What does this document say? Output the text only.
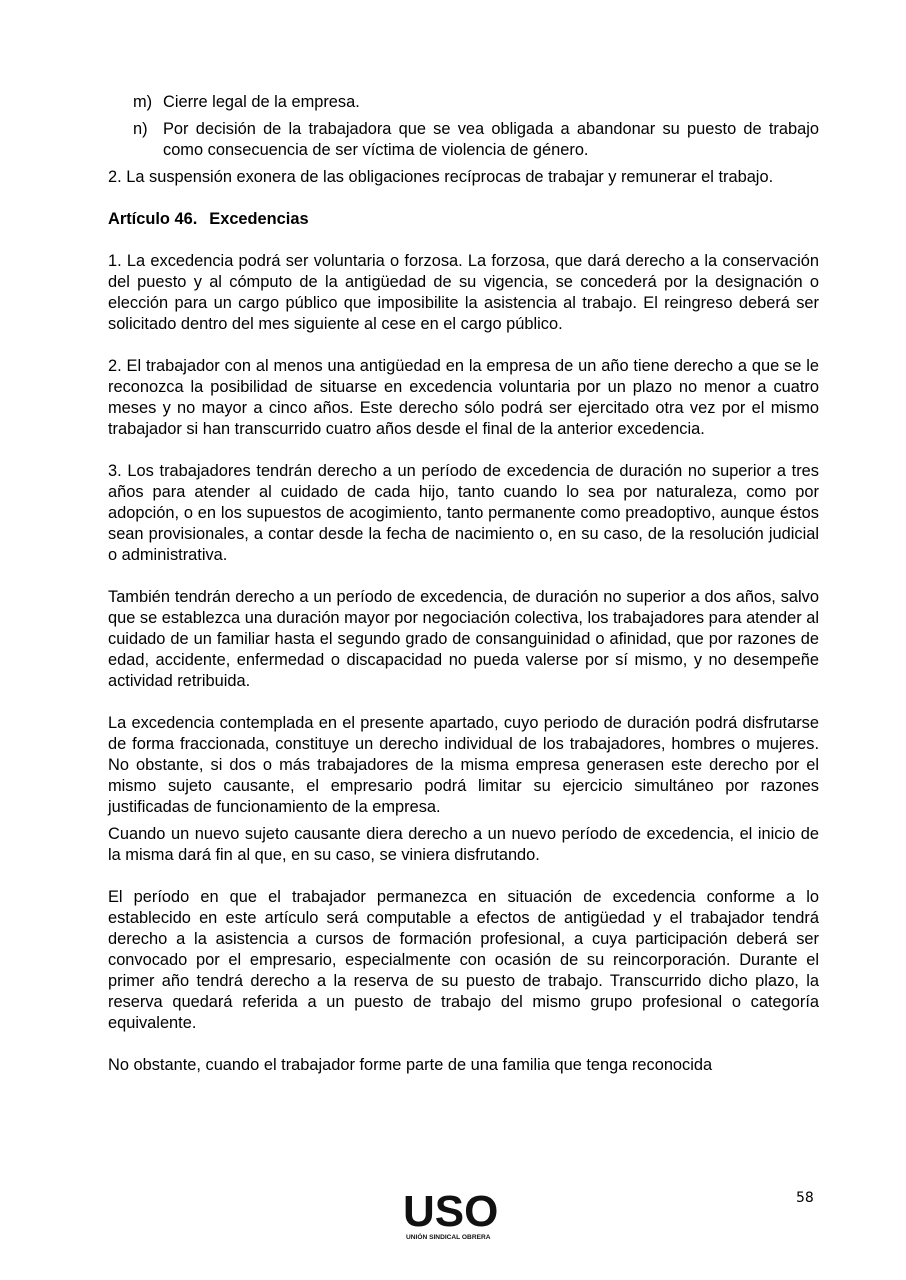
m) Cierre legal de la empresa.
n) Por decisión de la trabajadora que se vea obligada a abandonar su puesto de trabajo como consecuencia de ser víctima de violencia de género.

2. La suspensión exonera de las obligaciones recíprocas de trabajar y remunerar el trabajo.

Artículo 46. Excedencias

1. La excedencia podrá ser voluntaria o forzosa. La forzosa, que dará derecho a la conservación del puesto y al cómputo de la antigüedad de su vigencia, se concederá por la designación o elección para un cargo público que imposibilite la asistencia al trabajo. El reingreso deberá ser solicitado dentro del mes siguiente al cese en el cargo público.

2. El trabajador con al menos una antigüedad en la empresa de un año tiene derecho a que se le reconozca la posibilidad de situarse en excedencia voluntaria por un plazo no menor a cuatro meses y no mayor a cinco años. Este derecho sólo podrá ser ejercitado otra vez por el mismo trabajador si han transcurrido cuatro años desde el final de la anterior excedencia.

3. Los trabajadores tendrán derecho a un período de excedencia de duración no superior a tres años para atender al cuidado de cada hijo, tanto cuando lo sea por naturaleza, como por adopción, o en los supuestos de acogimiento, tanto permanente como preadoptivo, aunque éstos sean provisionales, a contar desde la fecha de nacimiento o, en su caso, de la resolución judicial o administrativa.

También tendrán derecho a un período de excedencia, de duración no superior a dos años, salvo que se establezca una duración mayor por negociación colectiva, los trabajadores para atender al cuidado de un familiar hasta el segundo grado de consanguinidad o afinidad, que por razones de edad, accidente, enfermedad o discapacidad no pueda valerse por sí mismo, y no desempeñe actividad retribuida.

La excedencia contemplada en el presente apartado, cuyo periodo de duración podrá disfrutarse de forma fraccionada, constituye un derecho individual de los trabajadores, hombres o mujeres. No obstante, si dos o más trabajadores de la misma empresa generasen este derecho por el mismo sujeto causante, el empresario podrá limitar su ejercicio simultáneo por razones justificadas de funcionamiento de la empresa.

Cuando un nuevo sujeto causante diera derecho a un nuevo período de excedencia, el inicio de la misma dará fin al que, en su caso, se viniera disfrutando.

El período en que el trabajador permanezca en situación de excedencia conforme a lo establecido en este artículo será computable a efectos de antigüedad y el trabajador tendrá derecho a la asistencia a cursos de formación profesional, a cuya participación deberá ser convocado por el empresario, especialmente con ocasión de su reincorporación. Durante el primer año tendrá derecho a la reserva de su puesto de trabajo. Transcurrido dicho plazo, la reserva quedará referida a un puesto de trabajo del mismo grupo profesional o categoría equivalente.

No obstante, cuando el trabajador forme parte de una familia que tenga reconocida

58
USO
UNIÓN SINDICAL OBRERA
